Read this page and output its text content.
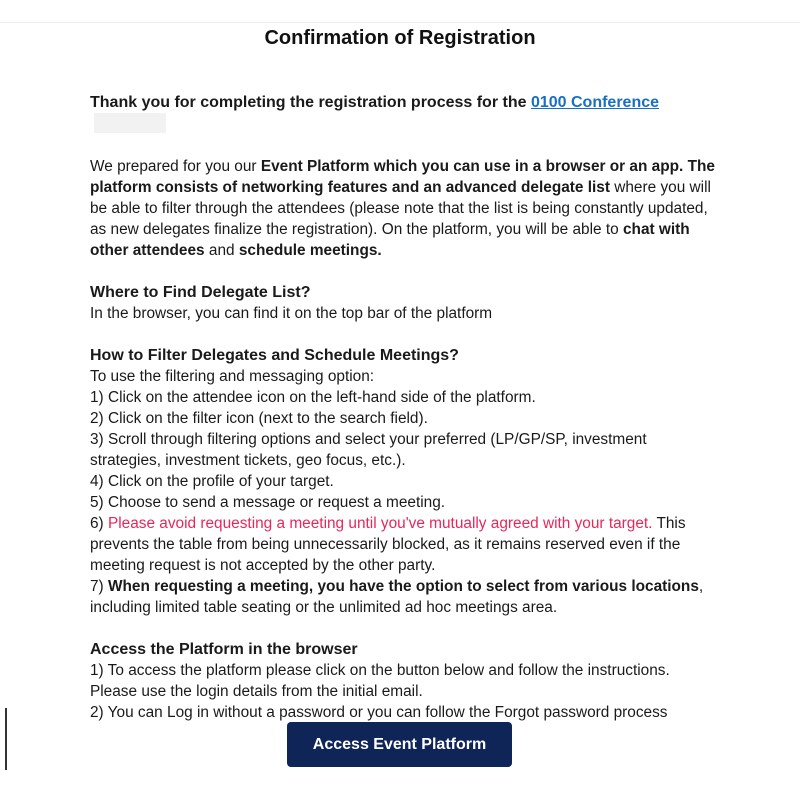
Confirmation of Registration

Thank you for completing the registration process for the 0100 Conference

We prepared for you our Event Platform which you can use in a browser or an app. The platform consists of networking features and an advanced delegate list where you will be able to filter through the attendees (please note that the list is being constantly updated, as new delegates finalize the registration). On the platform, you will be able to chat with other attendees and schedule meetings.

Where to Find Delegate List?

In the browser, you can find it on the top bar of the platform

How to Filter Delegates and Schedule Meetings?

To use the filtering and messaging option:

1) Click on the attendee icon on the left-hand side of the platform.

2) Click on the filter icon (next to the search field).

3) Scroll through filtering options and select your preferred (LP/GP/SP, investment strategies, investment tickets, geo focus, etc.).

4) Click on the profile of your target.

5) Choose to send a message or request a meeting.

6) Please avoid requesting a meeting until you've mutually agreed with your target. This prevents the table from being unnecessarily blocked, as it remains reserved even if the meeting request is not accepted by the other party.

7) When requesting a meeting, you have the option to select from various locations, including limited table seating or the unlimited ad hoc meetings area.

Access the Platform in the browser

1) To access the platform please click on the button below and follow the instructions. Please use the login details from the initial email.

2) You can Log in without a password or you can follow the Forgot password process

Access Event Platform
